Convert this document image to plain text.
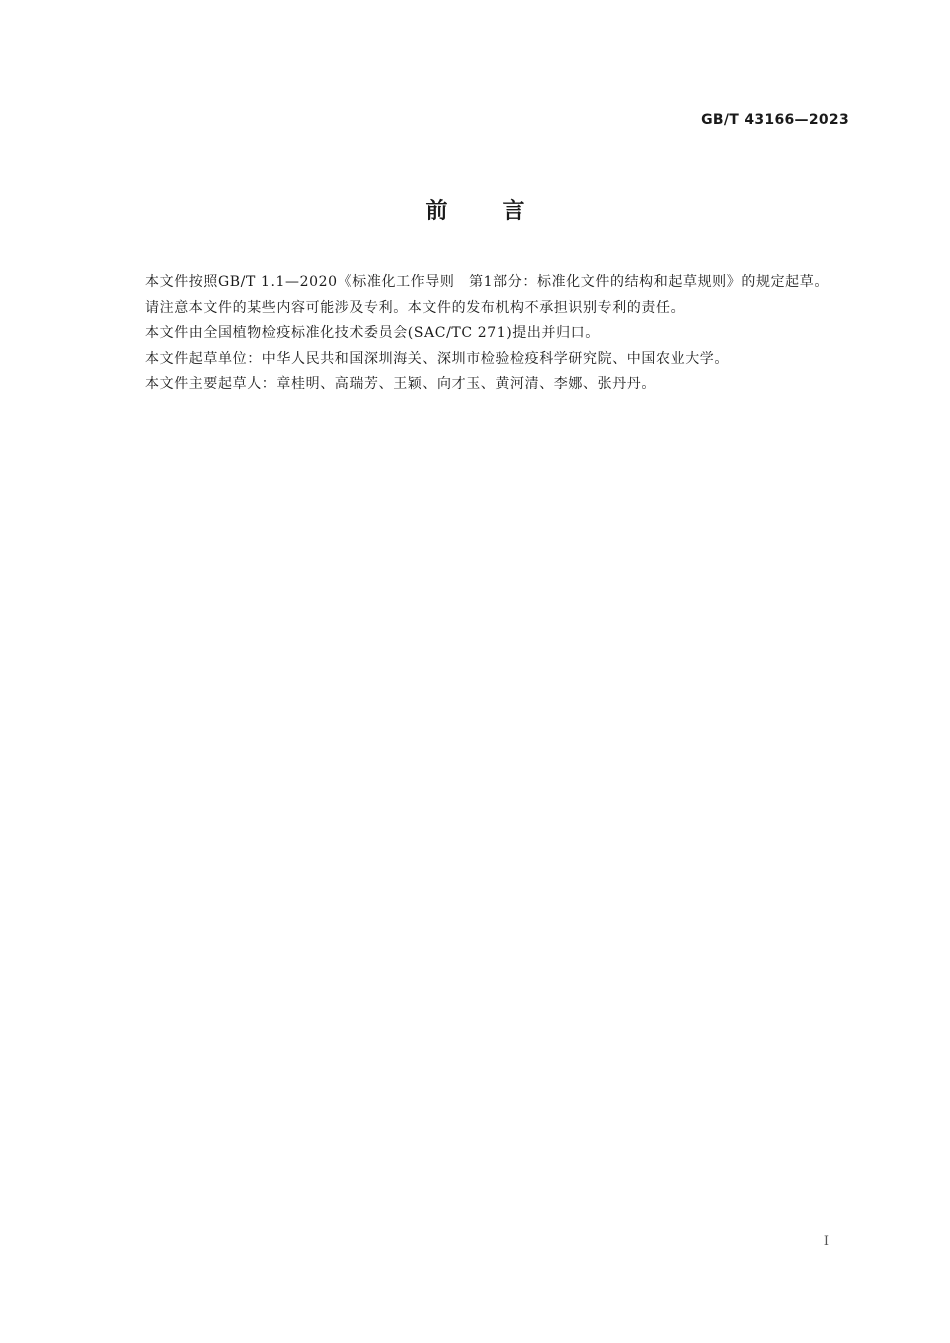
GB/T 43166—2023
前言

本文件按照GB/T 1.1—2020《标准化工作导则　第1部分：标准化文件的结构和起草规则》的规定起草。

请注意本文件的某些内容可能涉及专利。本文件的发布机构不承担识别专利的责任。

本文件由全国植物检疫标准化技术委员会(SAC/TC 271)提出并归口。

本文件起草单位：中华人民共和国深圳海关、深圳市检验检疫科学研究院、中国农业大学。

本文件主要起草人：章桂明、高瑞芳、王颖、向才玉、黄河清、李娜、张丹丹。

I
